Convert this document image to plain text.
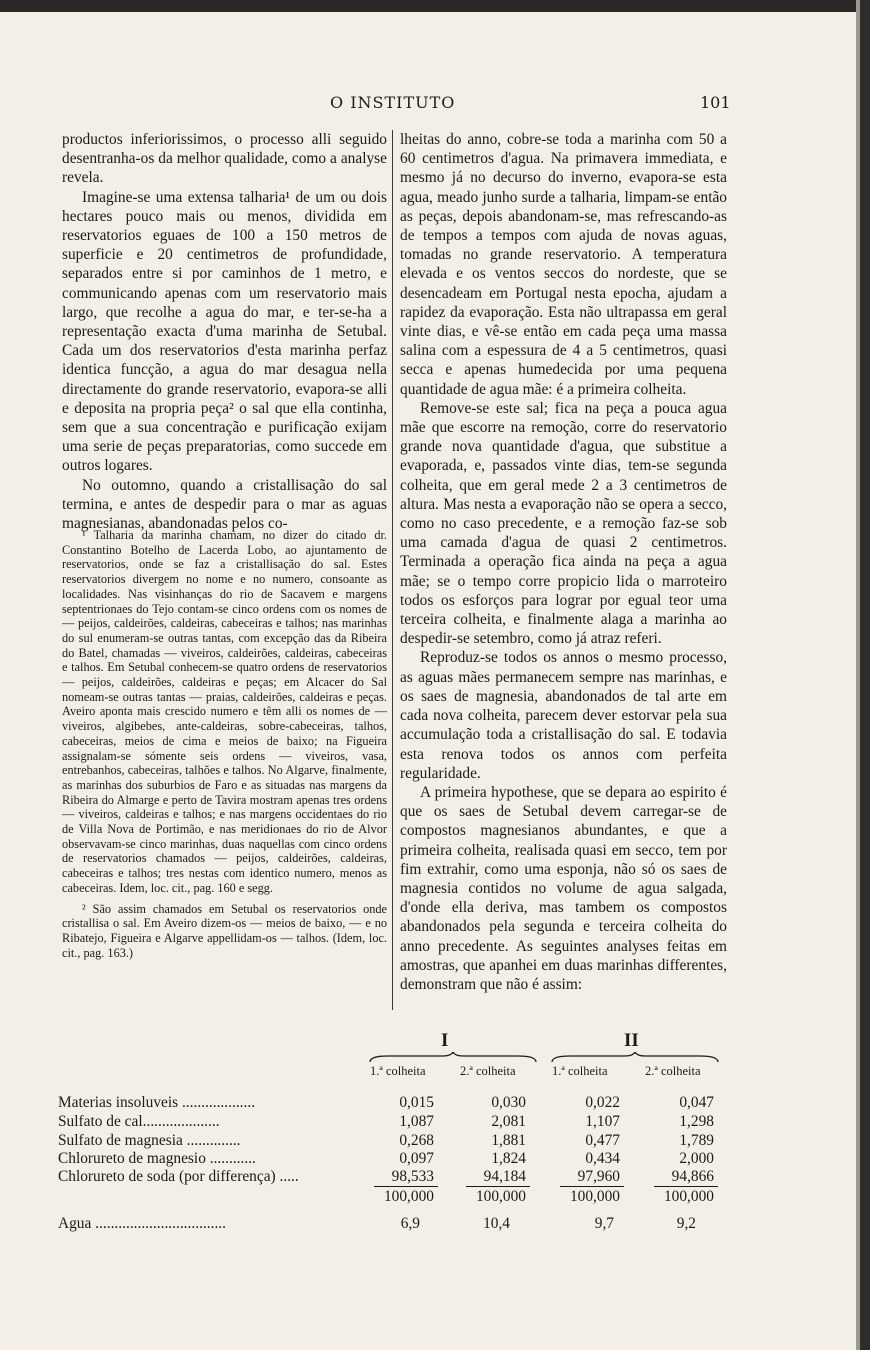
O INSTITUTO	101

productos inferiorissimos, o processo alli seguido desentranha-os da melhor qualidade, como a analyse revela.

Imagine-se uma extensa talharia¹ de um ou dois hectares pouco mais ou menos, dividida em reservatorios eguaes de 100 a 150 metros de superficie e 20 centimetros de profundidade, separados entre si por caminhos de 1 metro, e communicando apenas com um reservatorio mais largo, que recolhe a agua do mar, e ter-se-ha a representação exacta d'uma marinha de Setubal. Cada um dos reservatorios d'esta marinha perfaz identica funcção, a agua do mar desagua nella directamente do grande reservatorio, evapora-se alli e deposita na propria peça² o sal que ella continha, sem que a sua concentração e purificação exijam uma serie de peças preparatorias, como succede em outros logares.

No outomno, quando a cristallisação do sal termina, e antes de despedir para o mar as aguas magnesianas, abandonadas pelos co-

¹ Talharia da marinha chamam, no dizer do citado dr. Constantino Botelho de Lacerda Lobo, ao ajuntamento de reservatorios, onde se faz a cristallisação do sal. Estes reservatorios divergem no nome e no numero, consoante as localidades. Nas visinhanças do rio de Sacavem e margens septentrionaes do Tejo contam-se cinco ordens com os nomes de — peijos, caldeirões, caldeiras, cabeceiras e talhos; nas marinhas do sul enumeram-se outras tantas, com excepção das da Ribeira do Batel, chamadas — viveiros, caldeirões, caldeiras, cabeceiras e talhos. Em Setubal conhecem-se quatro ordens de reservatorios — peijos, caldeirões, caldeiras e peças; em Alcacer do Sal nomeam-se outras tantas — praias, caldeirões, caldeiras e peças. Aveiro aponta mais crescido numero e têm alli os nomes de — viveiros, algibebes, ante-caldeiras, sobre-cabeceiras, talhos, cabeceiras, meios de cima e meios de baixo; na Figueira assignalam-se sómente seis ordens — viveiros, vasa, entrebanhos, cabeceiras, talhões e talhos. No Algarve, finalmente, as marinhas dos suburbios de Faro e as situadas nas margens da Ribeira do Almarge e perto de Tavira mostram apenas tres ordens — viveiros, caldeiras e talhos; e nas margens occidentaes do rio de Villa Nova de Portimão, e nas meridionaes do rio de Alvor observavam-se cinco marinhas, duas naquellas com cinco ordens de reservatorios chamados — peijos, caldeirões, caldeiras, cabeceiras e talhos; tres nestas com identico numero, menos as cabeceiras. Idem, loc. cit., pag. 160 e segg.

² São assim chamados em Setubal os reservatorios onde cristallisa o sal. Em Aveiro dizem-os — meios de baixo, — e no Ribatejo, Figueira e Algarve appellidam-os — talhos. (Idem, loc. cit., pag. 163.)

lheitas do anno, cobre-se toda a marinha com 50 a 60 centimetros d'agua. Na primavera immediata, e mesmo já no decurso do inverno, evapora-se esta agua, meado junho surde a talharia, limpam-se então as peças, depois abandonam-se, mas refrescando-as de tempos a tempos com ajuda de novas aguas, tomadas no grande reservatorio. A temperatura elevada e os ventos seccos do nordeste, que se desencadeam em Portugal nesta epocha, ajudam a rapidez da evaporação. Esta não ultrapassa em geral vinte dias, e vê-se então em cada peça uma massa salina com a espessura de 4 a 5 centimetros, quasi secca e apenas humedecida por uma pequena quantidade de agua mãe: é a primeira colheita.

Remove-se este sal; fica na peça a pouca agua mãe que escorre na remoção, corre do reservatorio grande nova quantidade d'agua, que substitue a evaporada, e, passados vinte dias, tem-se segunda colheita, que em geral mede 2 a 3 centimetros de altura. Mas nesta a evaporação não se opera a secco, como no caso precedente, e a remoção faz-se sob uma camada d'agua de quasi 2 centimetros. Terminada a operação fica ainda na peça a agua mãe; se o tempo corre propicio lida o marroteiro todos os esforços para lograr por egual teor uma terceira colheita, e finalmente alaga a marinha ao despedir-se setembro, como já atraz referi.

Reproduz-se todos os annos o mesmo processo, as aguas mães permanecem sempre nas marinhas, e os saes de magnesia, abandonados de tal arte em cada nova colheita, parecem dever estorvar pela sua accumulação toda a cristallisação do sal. E todavia esta renova todos os annos com perfeita regularidade.

A primeira hypothese, que se depara ao espirito é que os saes de Setubal devem carregar-se de compostos magnesianos abundantes, e que a primeira colheita, realisada quasi em secco, tem por fim extrahir, como uma esponja, não só os saes de magnesia contidos no volume de agua salgada, d'onde ella deriva, mas tambem os compostos abandonados pela segunda e terceira colheita do anno precedente. As seguintes analyses feitas em amostras, que apanhei em duas marinhas differentes, demonstram que não é assim:

I	II
1.ª colheita	2.ª colheita	1.ª colheita	2.ª colheita
Materias insoluveis ...................	0,015	0,030	0,022	0,047
Sulfato de cal....................	1,087	2,081	1,107	1,298
Sulfato de magnesia ..............	0,268	1,881	0,477	1,789
Chlorureto de magnesio ............	0,097	1,824	0,434	2,000
Chlorureto de soda (por differença) .....	98,533	94,184	97,960	94,866
100,000	100,000	100,000	100,000
Agua ..................................	6,9	10,4	9,7	9,2
